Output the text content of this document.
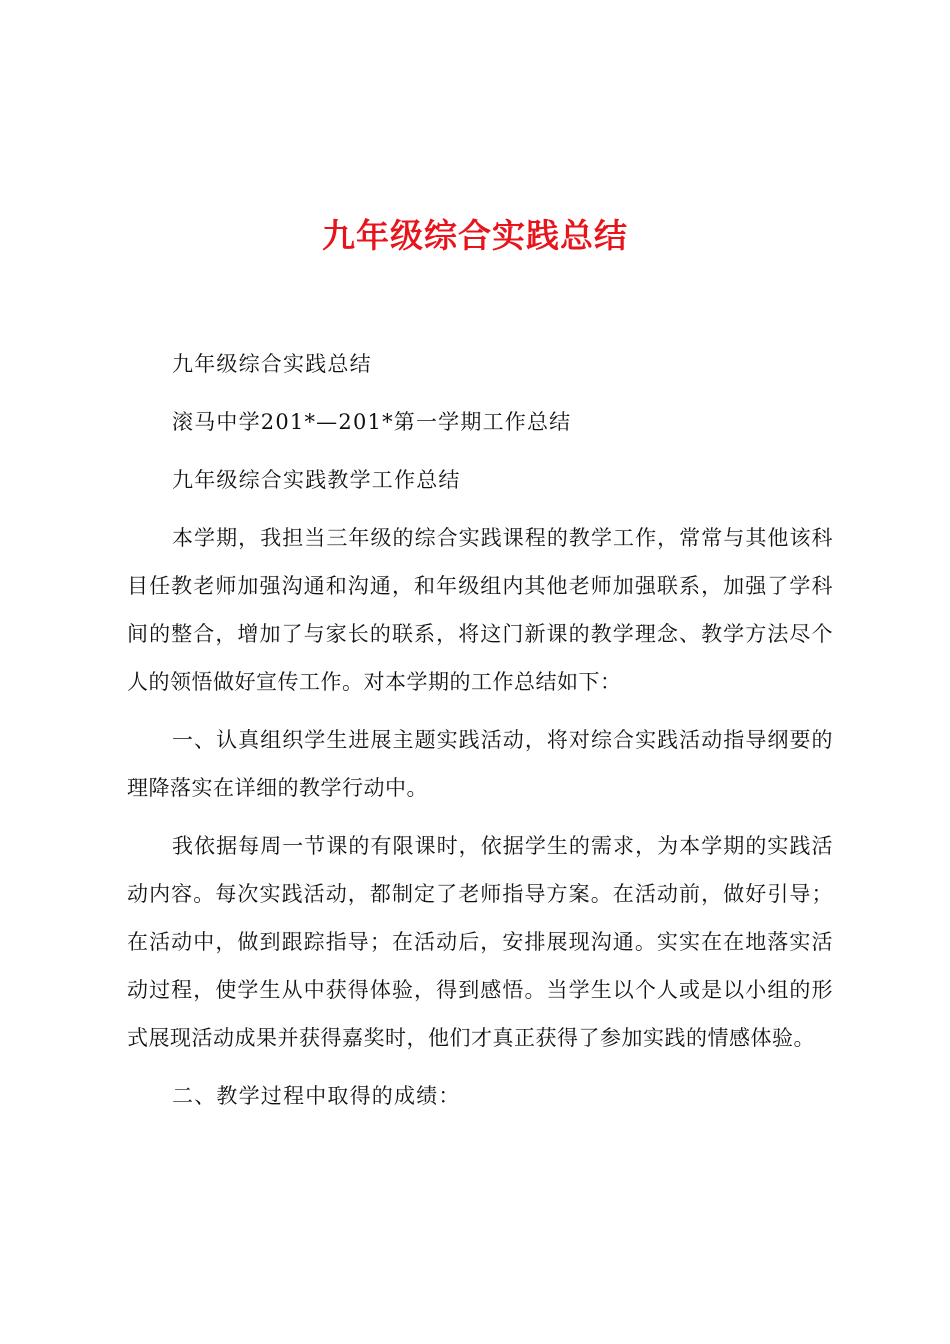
九年级综合实践总结

九年级综合实践总结

滚马中学201*—201*第一学期工作总结

九年级综合实践教学工作总结

本学期，我担当三年级的综合实践课程的教学工作，常常与其他该科目任教老师加强沟通和沟通，和年级组内其他老师加强联系，加强了学科间的整合，增加了与家长的联系，将这门新课的教学理念、教学方法尽个人的领悟做好宣传工作。对本学期的工作总结如下：

一、认真组织学生进展主题实践活动，将对综合实践活动指导纲要的理降落实在详细的教学行动中。

我依据每周一节课的有限课时，依据学生的需求，为本学期的实践活动内容。每次实践活动，都制定了老师指导方案。在活动前，做好引导；在活动中，做到跟踪指导；在活动后，安排展现沟通。实实在在地落实活动过程，使学生从中获得体验，得到感悟。当学生以个人或是以小组的形式展现活动成果并获得嘉奖时，他们才真正获得了参加实践的情感体验。

二、教学过程中取得的成绩：
